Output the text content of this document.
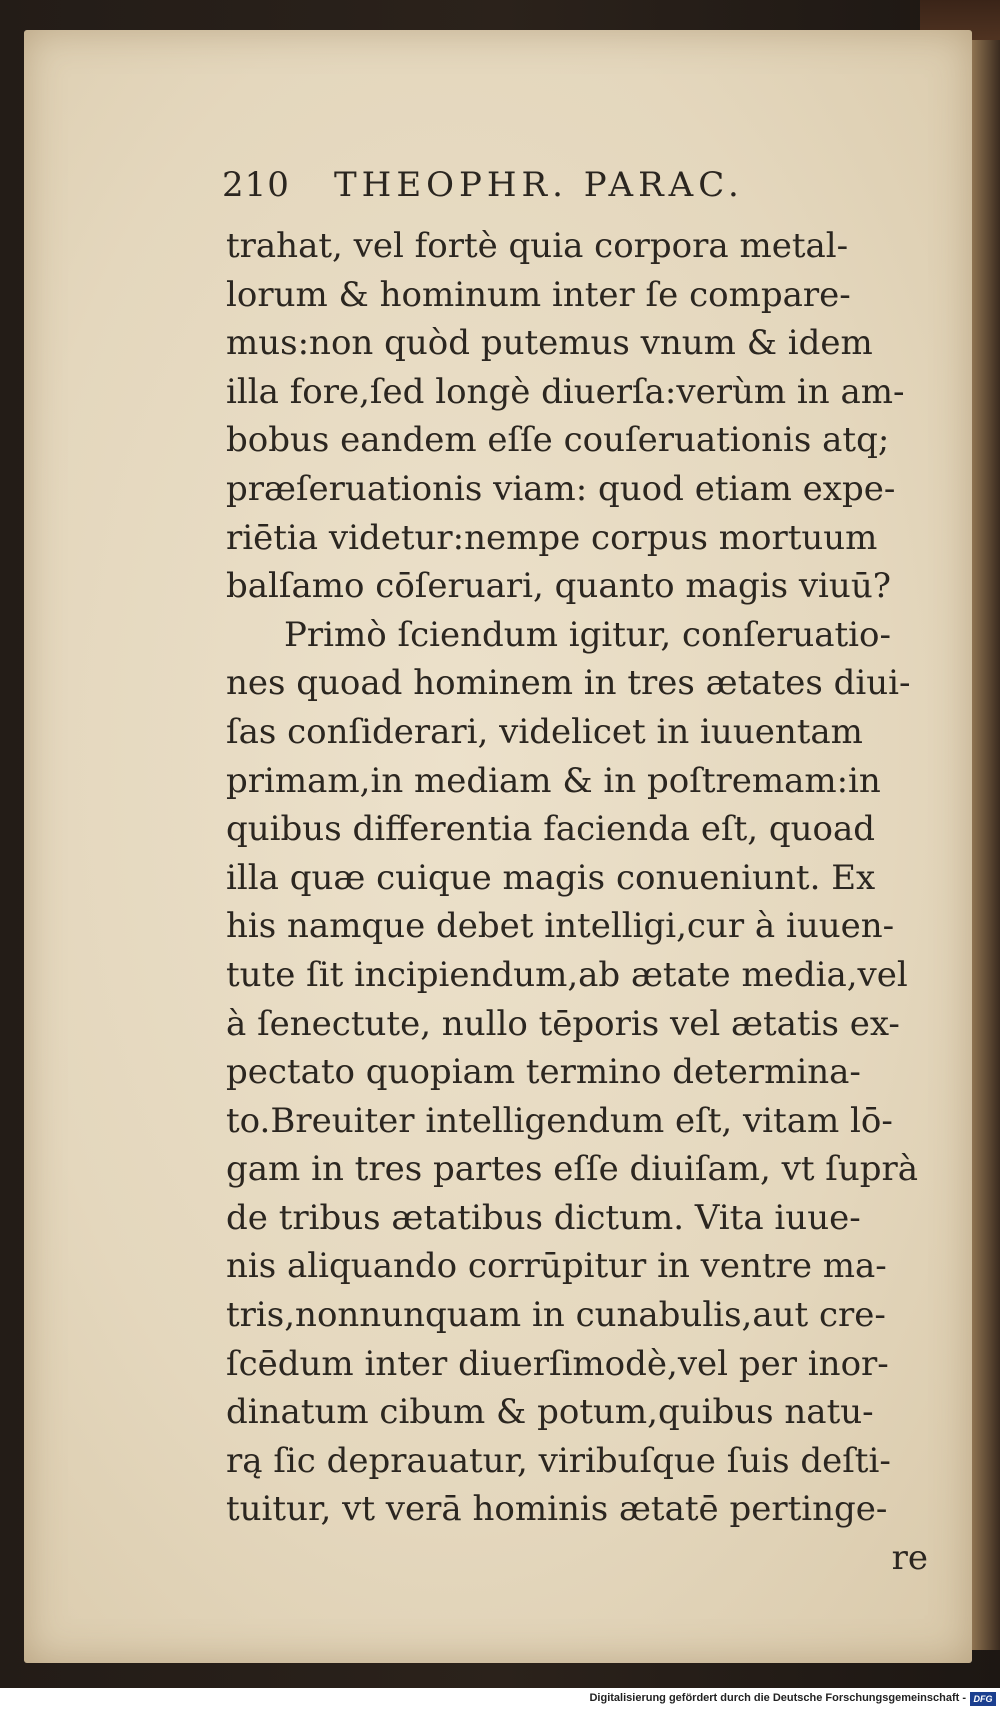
210 THEOPHR. PARAC.
trahat, vel fortè quia corpora metal-
lorum & hominum inter ſe compare-
mus:non quòd putemus vnum & idem
illa fore,ſed longè diuerſa:verùm in am-
bobus eandem eſſe couſeruationis atq;
præſeruationis viam: quod etiam expe-
riētia videtur:nempe corpus mortuum
balſamo cōſeruari, quanto magis viuū?
Primò ſciendum igitur, conſeruatio-
nes quoad hominem in tres ætates diui-
ſas conſiderari, videlicet in iuuentam
primam,in mediam & in poſtremam:in
quibus differentia facienda eſt, quoad
illa quæ cuique magis conueniunt. Ex
his namque debet intelligi,cur à iuuen-
tute ſit incipiendum,ab ætate media,vel
à ſenectute, nullo tēporis vel ætatis ex-
pectato quopiam termino determina-
to.Breuiter intelligendum eſt, vitam lō-
gam in tres partes eſſe diuiſam, vt ſuprà
de tribus ætatibus dictum. Vita iuue-
nis aliquando corrūpitur in ventre ma-
tris,nonnunquam in cunabulis,aut cre-
ſcēdum inter diuerſimodè,vel per inor-
dinatum cibum & potum,quibus natu-
rą ſic deprauatur, viribuſque ſuis deſti-
tuitur, vt verā hominis ætatē pertinge-
re
Digitalisierung gefördert durch die Deutsche Forschungsgemeinschaft - DFG
